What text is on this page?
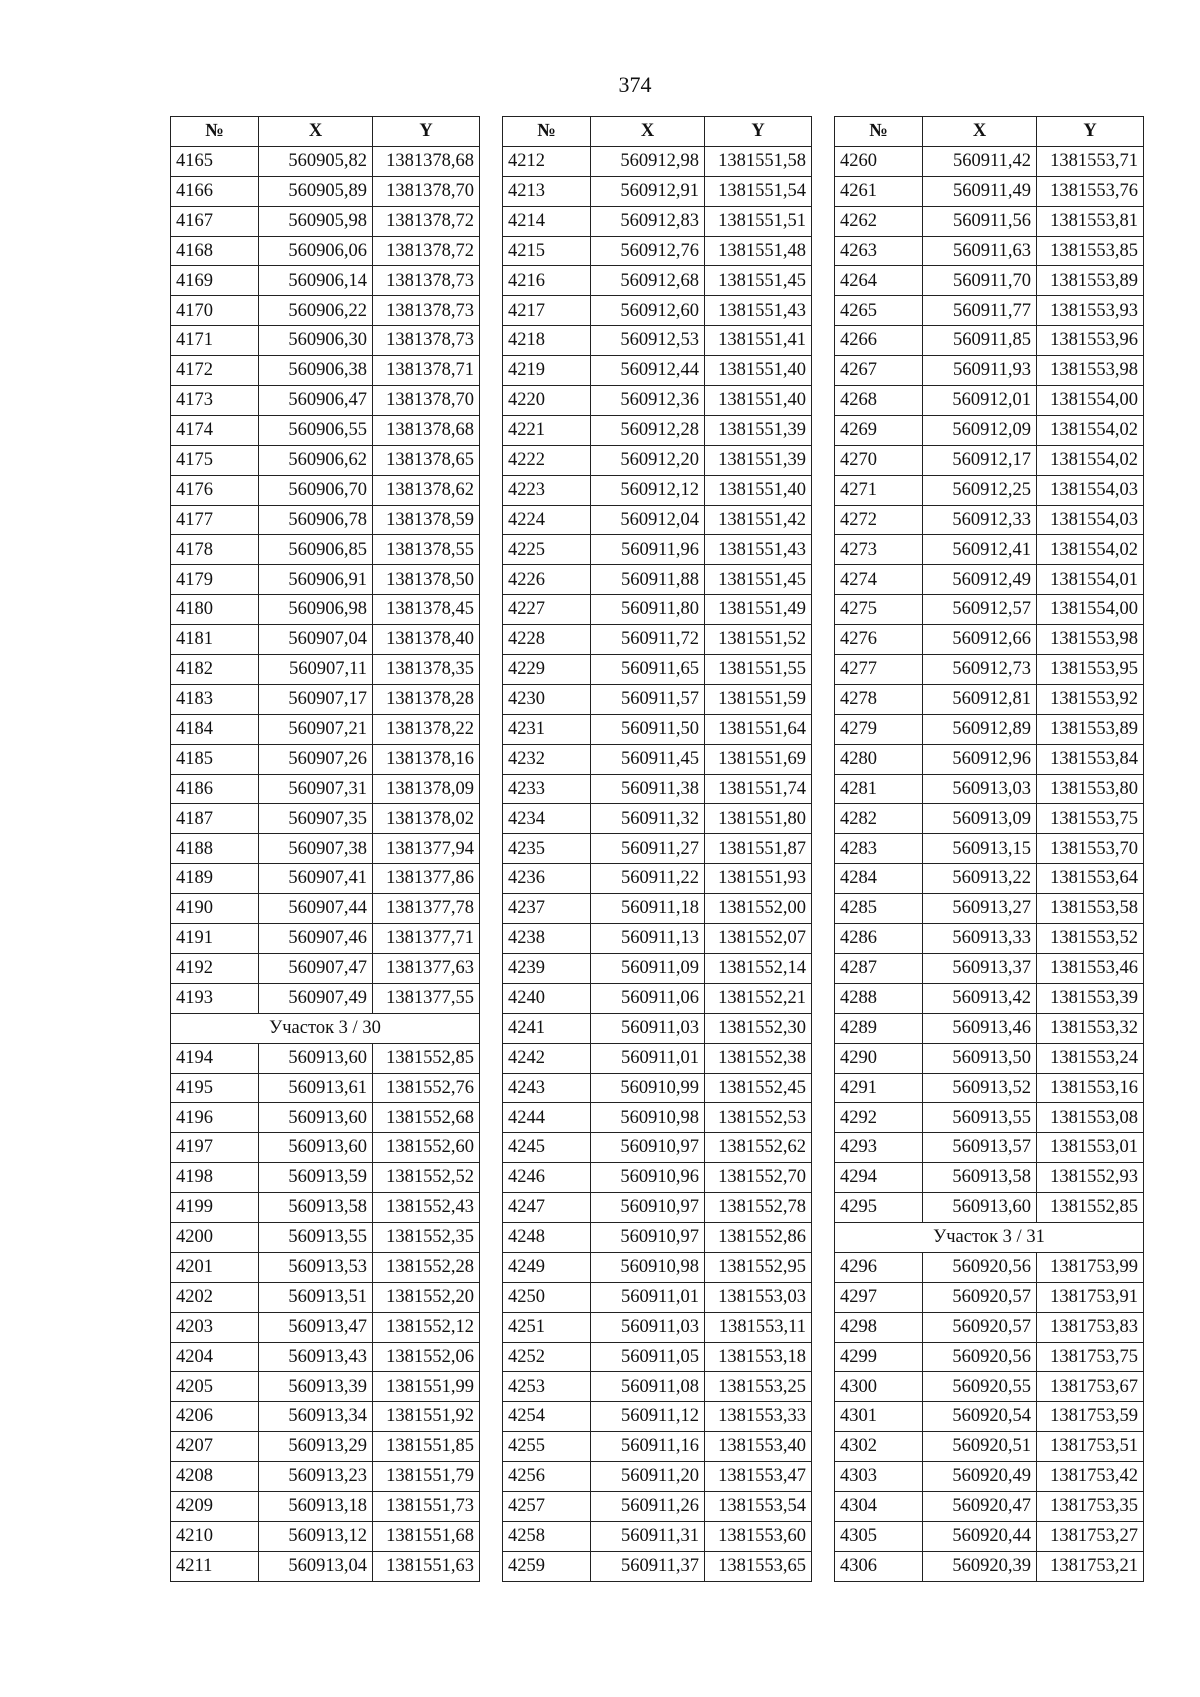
374
№	X	Y
4165	560905,82	1381378,68
4166	560905,89	1381378,70
4167	560905,98	1381378,72
4168	560906,06	1381378,72
4169	560906,14	1381378,73
4170	560906,22	1381378,73
4171	560906,30	1381378,73
4172	560906,38	1381378,71
4173	560906,47	1381378,70
4174	560906,55	1381378,68
4175	560906,62	1381378,65
4176	560906,70	1381378,62
4177	560906,78	1381378,59
4178	560906,85	1381378,55
4179	560906,91	1381378,50
4180	560906,98	1381378,45
4181	560907,04	1381378,40
4182	560907,11	1381378,35
4183	560907,17	1381378,28
4184	560907,21	1381378,22
4185	560907,26	1381378,16
4186	560907,31	1381378,09
4187	560907,35	1381378,02
4188	560907,38	1381377,94
4189	560907,41	1381377,86
4190	560907,44	1381377,78
4191	560907,46	1381377,71
4192	560907,47	1381377,63
4193	560907,49	1381377,55
Участок 3 / 30		
4194	560913,60	1381552,85
4195	560913,61	1381552,76
4196	560913,60	1381552,68
4197	560913,60	1381552,60
4198	560913,59	1381552,52
4199	560913,58	1381552,43
4200	560913,55	1381552,35
4201	560913,53	1381552,28
4202	560913,51	1381552,20
4203	560913,47	1381552,12
4204	560913,43	1381552,06
4205	560913,39	1381551,99
4206	560913,34	1381551,92
4207	560913,29	1381551,85
4208	560913,23	1381551,79
4209	560913,18	1381551,73
4210	560913,12	1381551,68
4211	560913,04	1381551,63
№	X	Y
4212	560912,98	1381551,58
4213	560912,91	1381551,54
4214	560912,83	1381551,51
4215	560912,76	1381551,48
4216	560912,68	1381551,45
4217	560912,60	1381551,43
4218	560912,53	1381551,41
4219	560912,44	1381551,40
4220	560912,36	1381551,40
4221	560912,28	1381551,39
4222	560912,20	1381551,39
4223	560912,12	1381551,40
4224	560912,04	1381551,42
4225	560911,96	1381551,43
4226	560911,88	1381551,45
4227	560911,80	1381551,49
4228	560911,72	1381551,52
4229	560911,65	1381551,55
4230	560911,57	1381551,59
4231	560911,50	1381551,64
4232	560911,45	1381551,69
4233	560911,38	1381551,74
4234	560911,32	1381551,80
4235	560911,27	1381551,87
4236	560911,22	1381551,93
4237	560911,18	1381552,00
4238	560911,13	1381552,07
4239	560911,09	1381552,14
4240	560911,06	1381552,21
4241	560911,03	1381552,30
4242	560911,01	1381552,38
4243	560910,99	1381552,45
4244	560910,98	1381552,53
4245	560910,97	1381552,62
4246	560910,96	1381552,70
4247	560910,97	1381552,78
4248	560910,97	1381552,86
4249	560910,98	1381552,95
4250	560911,01	1381553,03
4251	560911,03	1381553,11
4252	560911,05	1381553,18
4253	560911,08	1381553,25
4254	560911,12	1381553,33
4255	560911,16	1381553,40
4256	560911,20	1381553,47
4257	560911,26	1381553,54
4258	560911,31	1381553,60
4259	560911,37	1381553,65
№	X	Y
4260	560911,42	1381553,71
4261	560911,49	1381553,76
4262	560911,56	1381553,81
4263	560911,63	1381553,85
4264	560911,70	1381553,89
4265	560911,77	1381553,93
4266	560911,85	1381553,96
4267	560911,93	1381553,98
4268	560912,01	1381554,00
4269	560912,09	1381554,02
4270	560912,17	1381554,02
4271	560912,25	1381554,03
4272	560912,33	1381554,03
4273	560912,41	1381554,02
4274	560912,49	1381554,01
4275	560912,57	1381554,00
4276	560912,66	1381553,98
4277	560912,73	1381553,95
4278	560912,81	1381553,92
4279	560912,89	1381553,89
4280	560912,96	1381553,84
4281	560913,03	1381553,80
4282	560913,09	1381553,75
4283	560913,15	1381553,70
4284	560913,22	1381553,64
4285	560913,27	1381553,58
4286	560913,33	1381553,52
4287	560913,37	1381553,46
4288	560913,42	1381553,39
4289	560913,46	1381553,32
4290	560913,50	1381553,24
4291	560913,52	1381553,16
4292	560913,55	1381553,08
4293	560913,57	1381553,01
4294	560913,58	1381552,93
4295	560913,60	1381552,85
Участок 3 / 31		
4296	560920,56	1381753,99
4297	560920,57	1381753,91
4298	560920,57	1381753,83
4299	560920,56	1381753,75
4300	560920,55	1381753,67
4301	560920,54	1381753,59
4302	560920,51	1381753,51
4303	560920,49	1381753,42
4304	560920,47	1381753,35
4305	560920,44	1381753,27
4306	560920,39	1381753,21
